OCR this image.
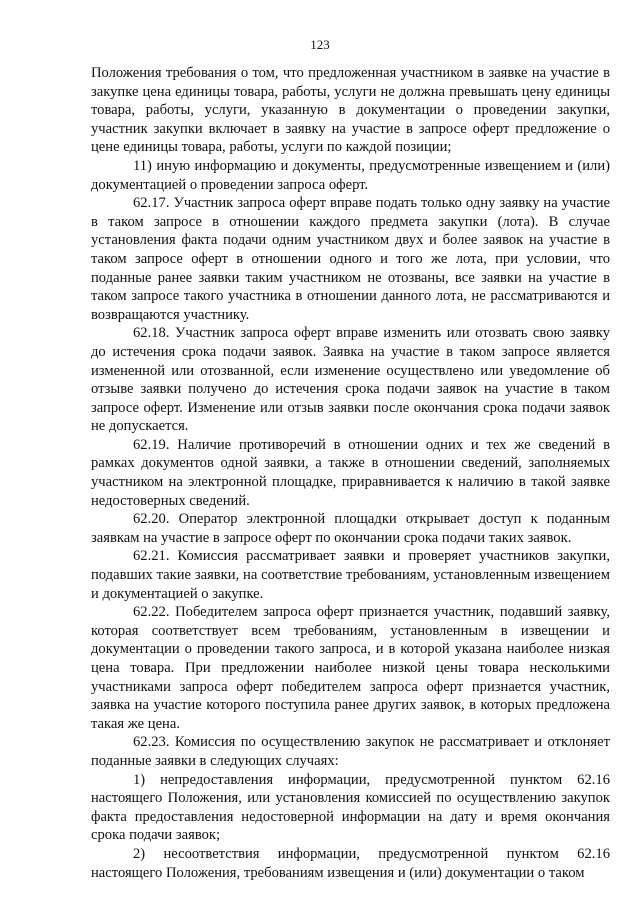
123

Положения требования о том, что предложенная участником в заявке на участие в закупке цена единицы товара, работы, услуги не должна превышать цену единицы товара, работы, услуги, указанную в документации о проведении закупки, участник закупки включает в заявку на участие в запросе оферт предложение о цене единицы товара, работы, услуги по каждой позиции;

11) иную информацию и документы, предусмотренные извещением и (или) документацией о проведении запроса оферт.

62.17. Участник запроса оферт вправе подать только одну заявку на участие в таком запросе в отношении каждого предмета закупки (лота). В случае установления факта подачи одним участником двух и более заявок на участие в таком запросе оферт в отношении одного и того же лота, при условии, что поданные ранее заявки таким участником не отозваны, все заявки на участие в таком запросе такого участника в отношении данного лота, не рассматриваются и возвращаются участнику.

62.18. Участник запроса оферт вправе изменить или отозвать свою заявку до истечения срока подачи заявок. Заявка на участие в таком запросе является измененной или отозванной, если изменение осуществлено или уведомление об отзыве заявки получено до истечения срока подачи заявок на участие в таком запросе оферт. Изменение или отзыв заявки после окончания срока подачи заявок не допускается.

62.19. Наличие противоречий в отношении одних и тех же сведений в рамках документов одной заявки, а также в отношении сведений, заполняемых участником на электронной площадке, приравнивается к наличию в такой заявке недостоверных сведений.

62.20. Оператор электронной площадки открывает доступ к поданным заявкам на участие в запросе оферт по окончании срока подачи таких заявок.

62.21. Комиссия рассматривает заявки и проверяет участников закупки, подавших такие заявки, на соответствие требованиям, установленным извещением и документацией о закупке.

62.22. Победителем запроса оферт признается участник, подавший заявку, которая соответствует всем требованиям, установленным в извещении и документации о проведении такого запроса, и в которой указана наиболее низкая цена товара. При предложении наиболее низкой цены товара несколькими участниками запроса оферт победителем запроса оферт признается участник, заявка на участие которого поступила ранее других заявок, в которых предложена такая же цена.

62.23. Комиссия по осуществлению закупок не рассматривает и отклоняет поданные заявки в следующих случаях:

1) непредоставления информации, предусмотренной пунктом 62.16 настоящего Положения, или установления комиссией по осуществлению закупок факта предоставления недостоверной информации на дату и время окончания срока подачи заявок;

2) несоответствия информации, предусмотренной пунктом 62.16 настоящего Положения, требованиям извещения и (или) документации о таком
